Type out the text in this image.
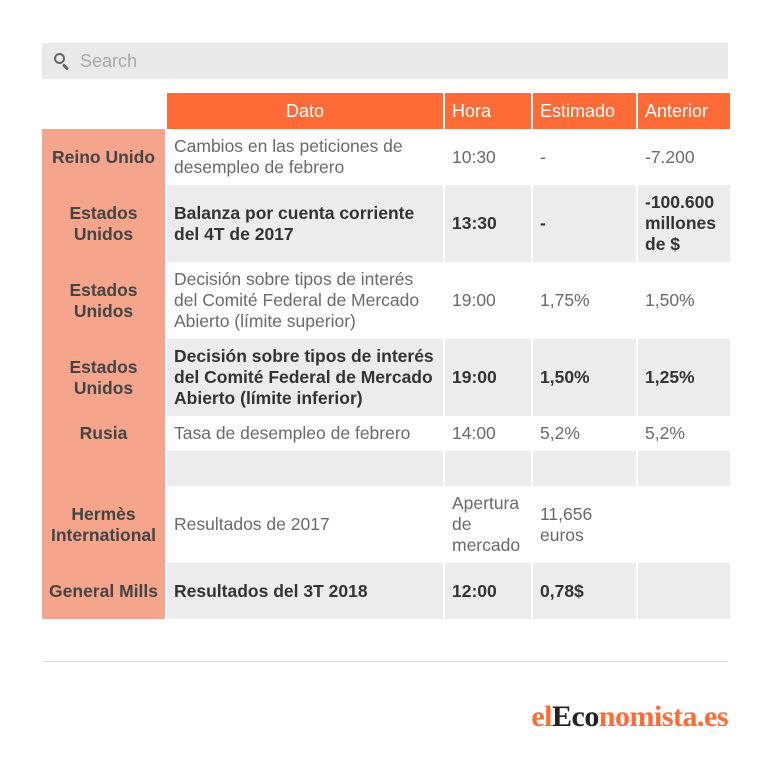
Search
	Dato	Hora	Estimado	Anterior
Reino Unido	Cambios en las peticiones de desempleo de febrero	10:30	-	-7.200
Estados Unidos	Balanza por cuenta corriente del 4T de 2017	13:30	-	-100.600 millones de $
Estados Unidos	Decisión sobre tipos de interés del Comité Federal de Mercado Abierto (límite superior)	19:00	1,75%	1,50%
Estados Unidos	Decisión sobre tipos de interés del Comité Federal de Mercado Abierto (límite inferior)	19:00	1,50%	1,25%
Rusia	Tasa de desempleo de febrero	14:00	5,2%	5,2%

Hermès International	Resultados de 2017	Apertura de mercado	11,656 euros	
General Mills	Resultados del 3T 2018	12:00	0,78$	
elEconomista.es
